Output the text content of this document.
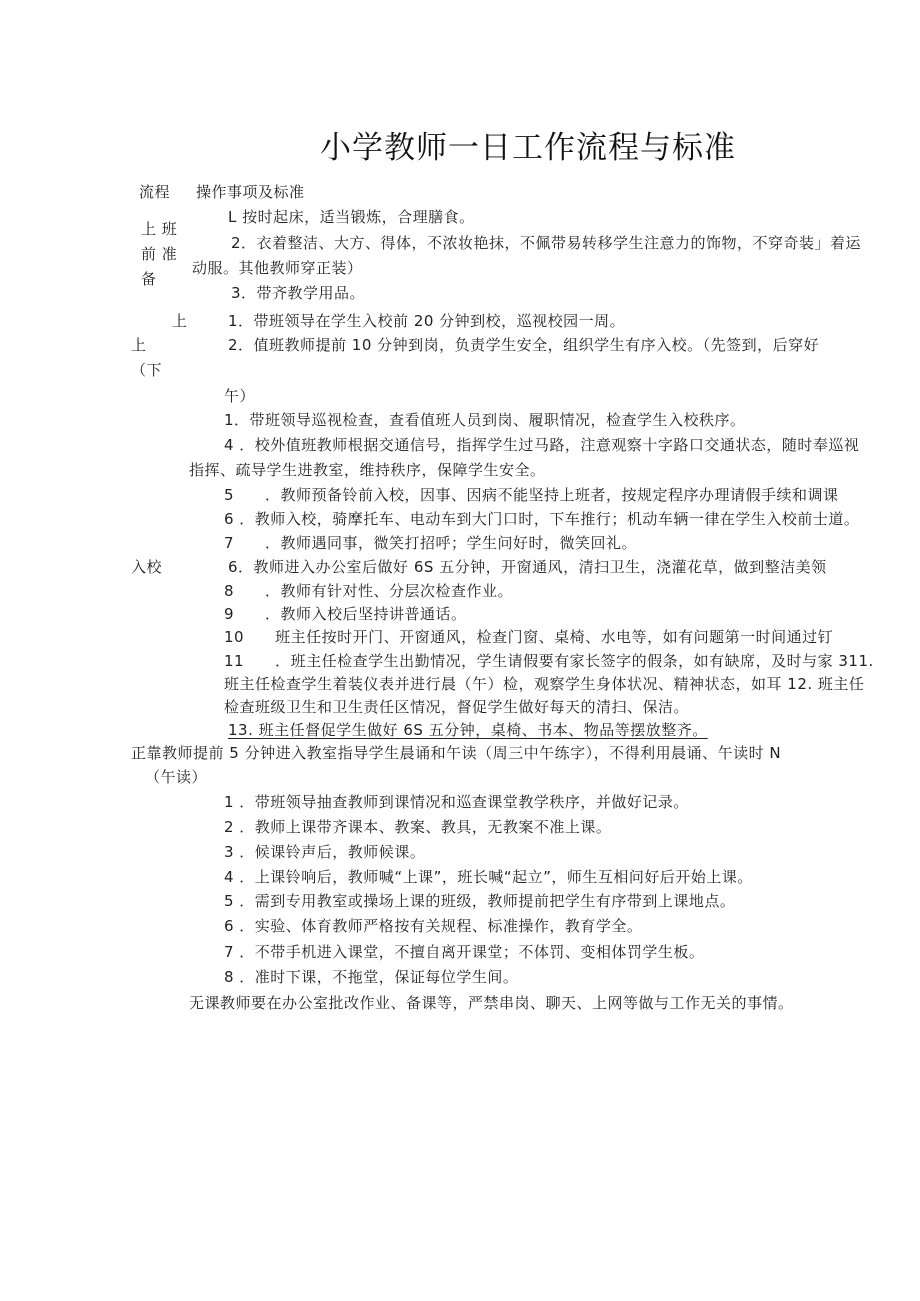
小学教师一日工作流程与标准
流程 操作事项及标准
上 班
前 准
备
L 按时起床，适当锻炼，合理膳食。
2．衣着整洁、大方、得体，不浓妆艳抹，不佩带易转移学生注意力的饰物，不穿奇装」着运
动服。其他教师穿正装）
3．带齐教学用品。
上
上
（下
入校
1．带班领导在学生入校前 20 分钟到校，巡视校园一周。
2．值班教师提前 10 分钟到岗，负责学生安全，组织学生有序入校。（先签到，后穿好
午）
1．带班领导巡视检查，查看值班人员到岗、履职情况，检查学生入校秩序。
4 ．校外值班教师根据交通信号，指挥学生过马路，注意观察十字路口交通状态，随时奉巡视
指挥、疏导学生进教室，维持秩序，保障学生安全。
5　　．教师预备铃前入校，因事、因病不能坚持上班者，按规定程序办理请假手续和调课
6 ．教师入校，骑摩托车、电动车到大门口时，下车推行；机动车辆一律在学生入校前士道。
7　　．教师遇同事，微笑打招呼；学生问好时，微笑回礼。
6．教师进入办公室后做好 6S 五分钟，开窗通风，清扫卫生，浇灌花草，做到整洁美领
8　　．教师有针对性、分层次检查作业。
9　　．教师入校后坚持讲普通话。
10　　班主任按时开门、开窗通风，检查门窗、桌椅、水电等，如有问题第一时间通过钉
11　　．班主任检查学生出勤情况，学生请假要有家长签字的假条，如有缺席，及时与家 311.
班主任检查学生着装仪表并进行晨（午）检，观察学生身体状况、精神状态，如耳 12. 班主任
检查班级卫生和卫生责任区情况，督促学生做好每天的清扫、保洁。
13. 班主任督促学生做好 6S 五分钟，桌椅、书本、物品等摆放整齐。
正靠教师提前 5 分钟进入教室指导学生晨诵和午读（周三中午练字），不得利用晨诵、午读时 N
（午读）
1 ．带班领导抽查教师到课情况和巡查课堂教学秩序，并做好记录。
2 ．教师上课带齐课本、教案、教具，无教案不准上课。
3 ．候课铃声后，教师候课。
4 ．上课铃响后，教师喊“上课”，班长喊“起立”，师生互相问好后开始上课。
5 ．需到专用教室或操场上课的班级，教师提前把学生有序带到上课地点。
6 ．实验、体育教师严格按有关规程、标准操作，教育学全。
7 ．不带手机进入课堂，不擅自离开课堂；不体罚、变相体罚学生板。
8 ．准时下课，不拖堂，保证每位学生间。
无课教师要在办公室批改作业、备课等，严禁串岗、聊天、上网等做与工作无关的事情。
